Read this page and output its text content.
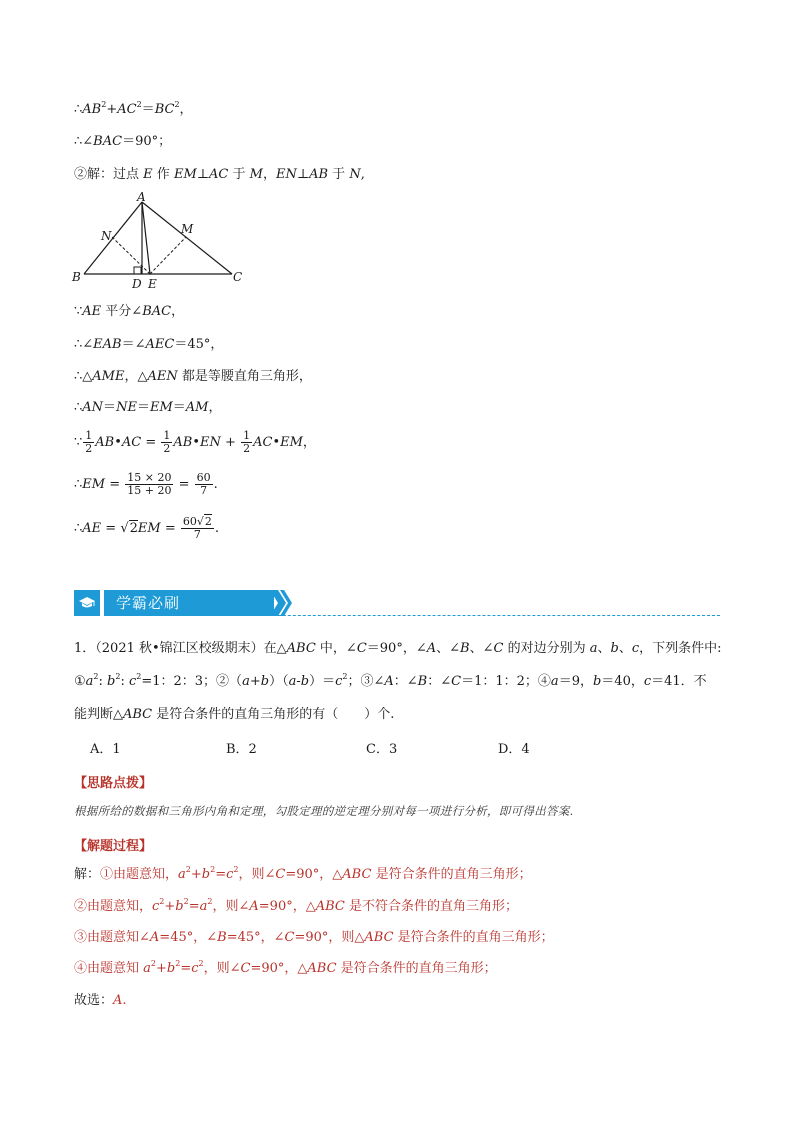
$\therefore AB^2+AC^2=BC^2$，
∴∠BAC＝90°；
②解：过点 E 作 EM⊥AC 于 M，EN⊥AB 于 N,
A
B	C
D E
M
N
∵AE 平分∠BAC，
∴∠EAB＝∠AEC＝45°，
∴△AME，△AEN 都是等腰直角三角形，
∴AN＝NE＝EM＝AM，
∵ $\frac{1}{2}$ AB•AC = $\frac{1}{2}$ AB•EN + $\frac{1}{2}$ AC•EM，
∴EM = $\frac{15 \times 20}{15 + 20} = \frac{60}{7}$ .
∴AE = $√2EM = \frac{60√2}{7}$ .
学霸必刷
1．（2021 秋•锦江区校级期末）在△ABC 中，∠C＝90°，∠A、∠B、∠C 的对边分别为 a、b、c，下列条件中:
$①a^2$: $b^2$: $c^2=1$：2：3；$②(a+b)(a-b)=c^2$；③∠A：∠B：∠C＝1：1：2；④a＝9，b＝40，c＝41．不
能判断△ABC 是符合条件的直角三角形的有（　　）个.
A．1	B．2	C．3	D．4
【思路点拨】
根据所给的数据和三角形内角和定理，勾股定理的逆定理分别对每一项进行分析，即可得出答案.
【解题过程】
解：①由题意知，$a^2+b^2=c^2$，则∠C=90°，△ABC 是符合条件的直角三角形；
②由题意知，$c^2+b^2=a^2$，则∠A=90°，△ABC 是不符合条件的直角三角形；
③由题意知∠A=45°，∠B=45°，∠C=90°，则△ABC 是符合条件的直角三角形；
④由题意知 $a^2+b^2=c^2$，则∠C=90°，△ABC 是符合条件的直角三角形；
故选：A.
